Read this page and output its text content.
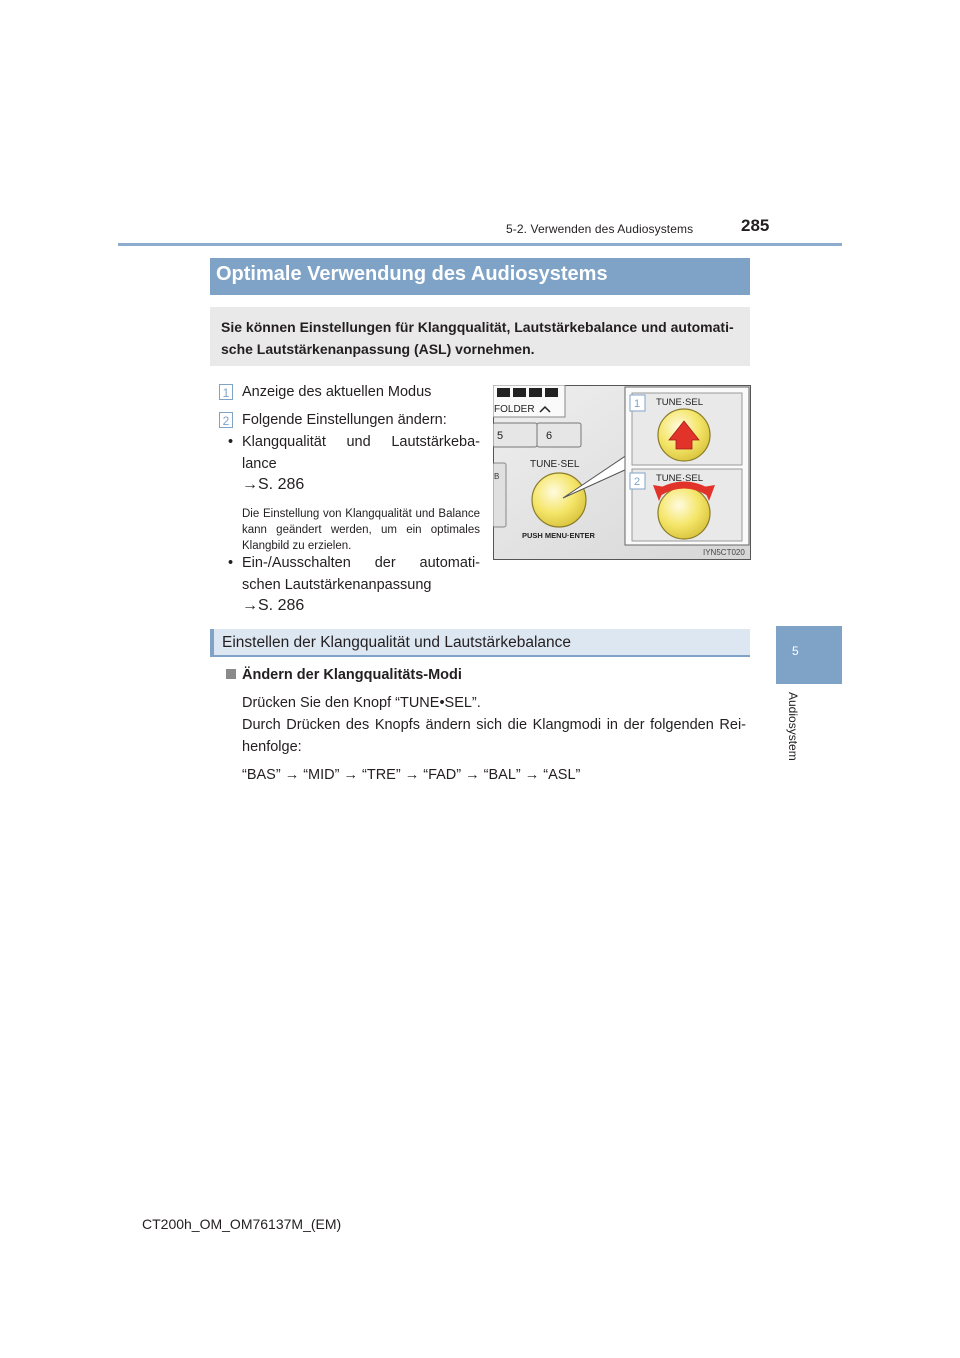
5-2. Verwenden des Audiosystems	285
5
Audiosystem
Optimale Verwendung des Audiosystems
Sie können Einstellungen für Klangqualität, Lautstärkebalance und automati-sche Lautstärkenanpassung (ASL) vornehmen.
1 Anzeige des aktuellen Modus
2 Folgende Einstellungen ändern:
• Klangqualität und Lautstärkeba-
lance
→S. 286
Die Einstellung von Klangqualität und Balance kann geändert werden, um ein optimales Klangbild zu erzielen.
• Ein-/Ausschalten der automati-
schen Lautstärkenanpassung
→S. 286
FOLDER
5	6
B
TUNE·SEL
PUSH MENU·ENTER
TUNE·SEL
TUNE·SEL
1
2
IYN5CT020
Einstellen der Klangqualität und Lautstärkebalance
Ändern der Klangqualitäts-Modi
Drücken Sie den Knopf “TUNE•SEL”.
Durch Drücken des Knopfs ändern sich die Klangmodi in der folgenden Rei-
henfolge:
“BAS” → “MID” → “TRE” → “FAD” → “BAL” → “ASL”
CT200h_OM_OM76137M_(EM)
